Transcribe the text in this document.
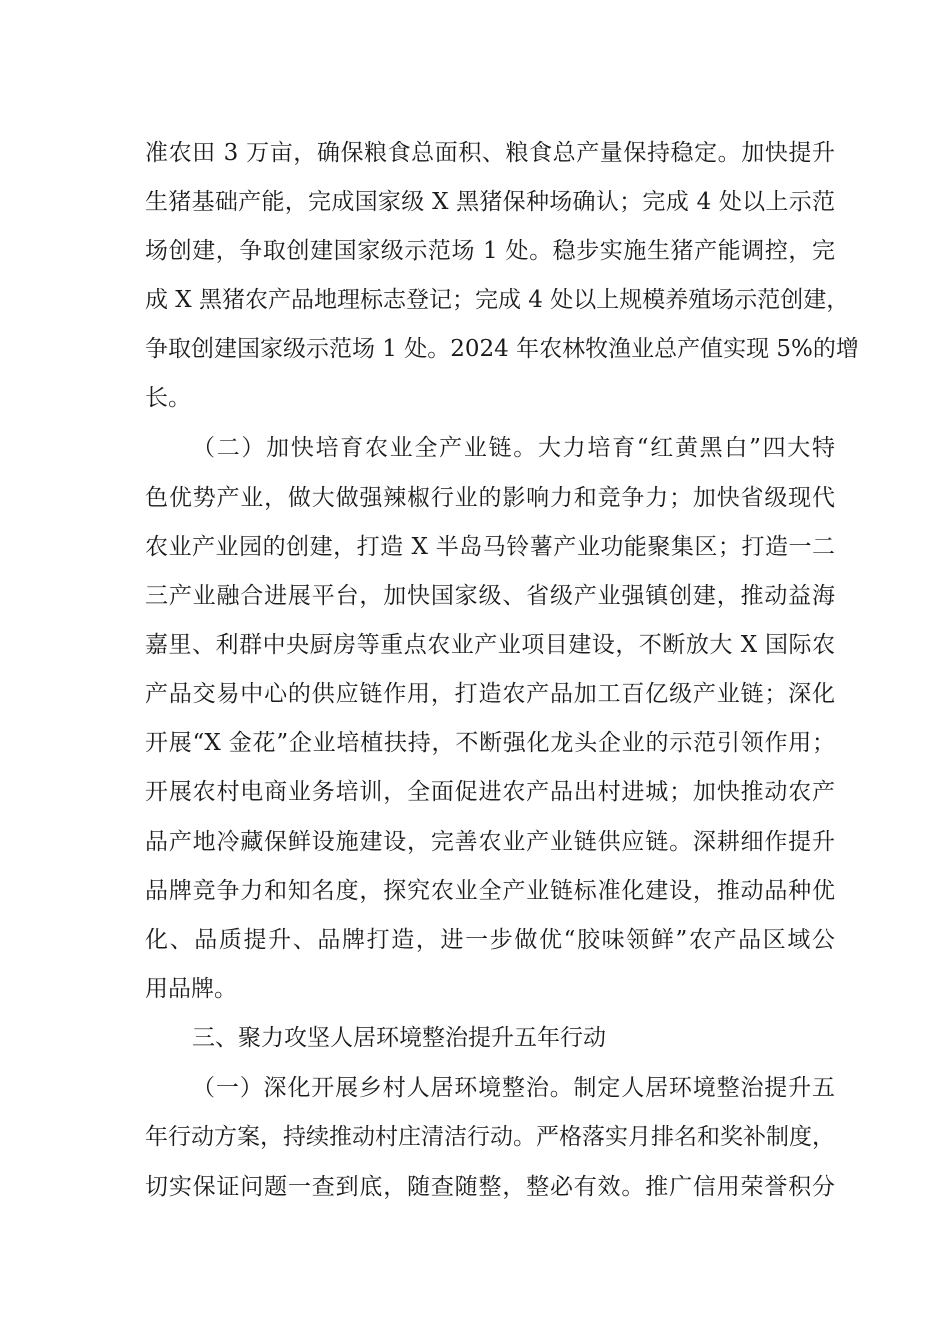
准农田 3 万亩，确保粮食总面积、粮食总产量保持稳定。加快提升
生猪基础产能，完成国家级 X 黑猪保种场确认；完成 4 处以上示范
场创建，争取创建国家级示范场 1 处。稳步实施生猪产能调控，完
成 X 黑猪农产品地理标志登记；完成 4 处以上规模养殖场示范创建，
争取创建国家级示范场 1 处。2024 年农林牧渔业总产值实现 5%的增
长。
（二）加快培育农业全产业链。大力培育“红黄黑白”四大特
色优势产业，做大做强辣椒行业的影响力和竞争力；加快省级现代
农业产业园的创建，打造 X 半岛马铃薯产业功能聚集区；打造一二
三产业融合进展平台，加快国家级、省级产业强镇创建，推动益海
嘉里、利群中央厨房等重点农业产业项目建设，不断放大 X 国际农
产品交易中心的供应链作用，打造农产品加工百亿级产业链；深化
开展“X 金花”企业培植扶持，不断强化龙头企业的示范引领作用；
开展农村电商业务培训，全面促进农产品出村进城；加快推动农产
品产地冷藏保鲜设施建设，完善农业产业链供应链。深耕细作提升
品牌竞争力和知名度，探究农业全产业链标准化建设，推动品种优
化、品质提升、品牌打造，进一步做优“胶味领鲜”农产品区域公
用品牌。
三、聚力攻坚人居环境整治提升五年行动
（一）深化开展乡村人居环境整治。制定人居环境整治提升五
年行动方案，持续推动村庄清洁行动。严格落实月排名和奖补制度，
切实保证问题一查到底，随查随整，整必有效。推广信用荣誉积分
